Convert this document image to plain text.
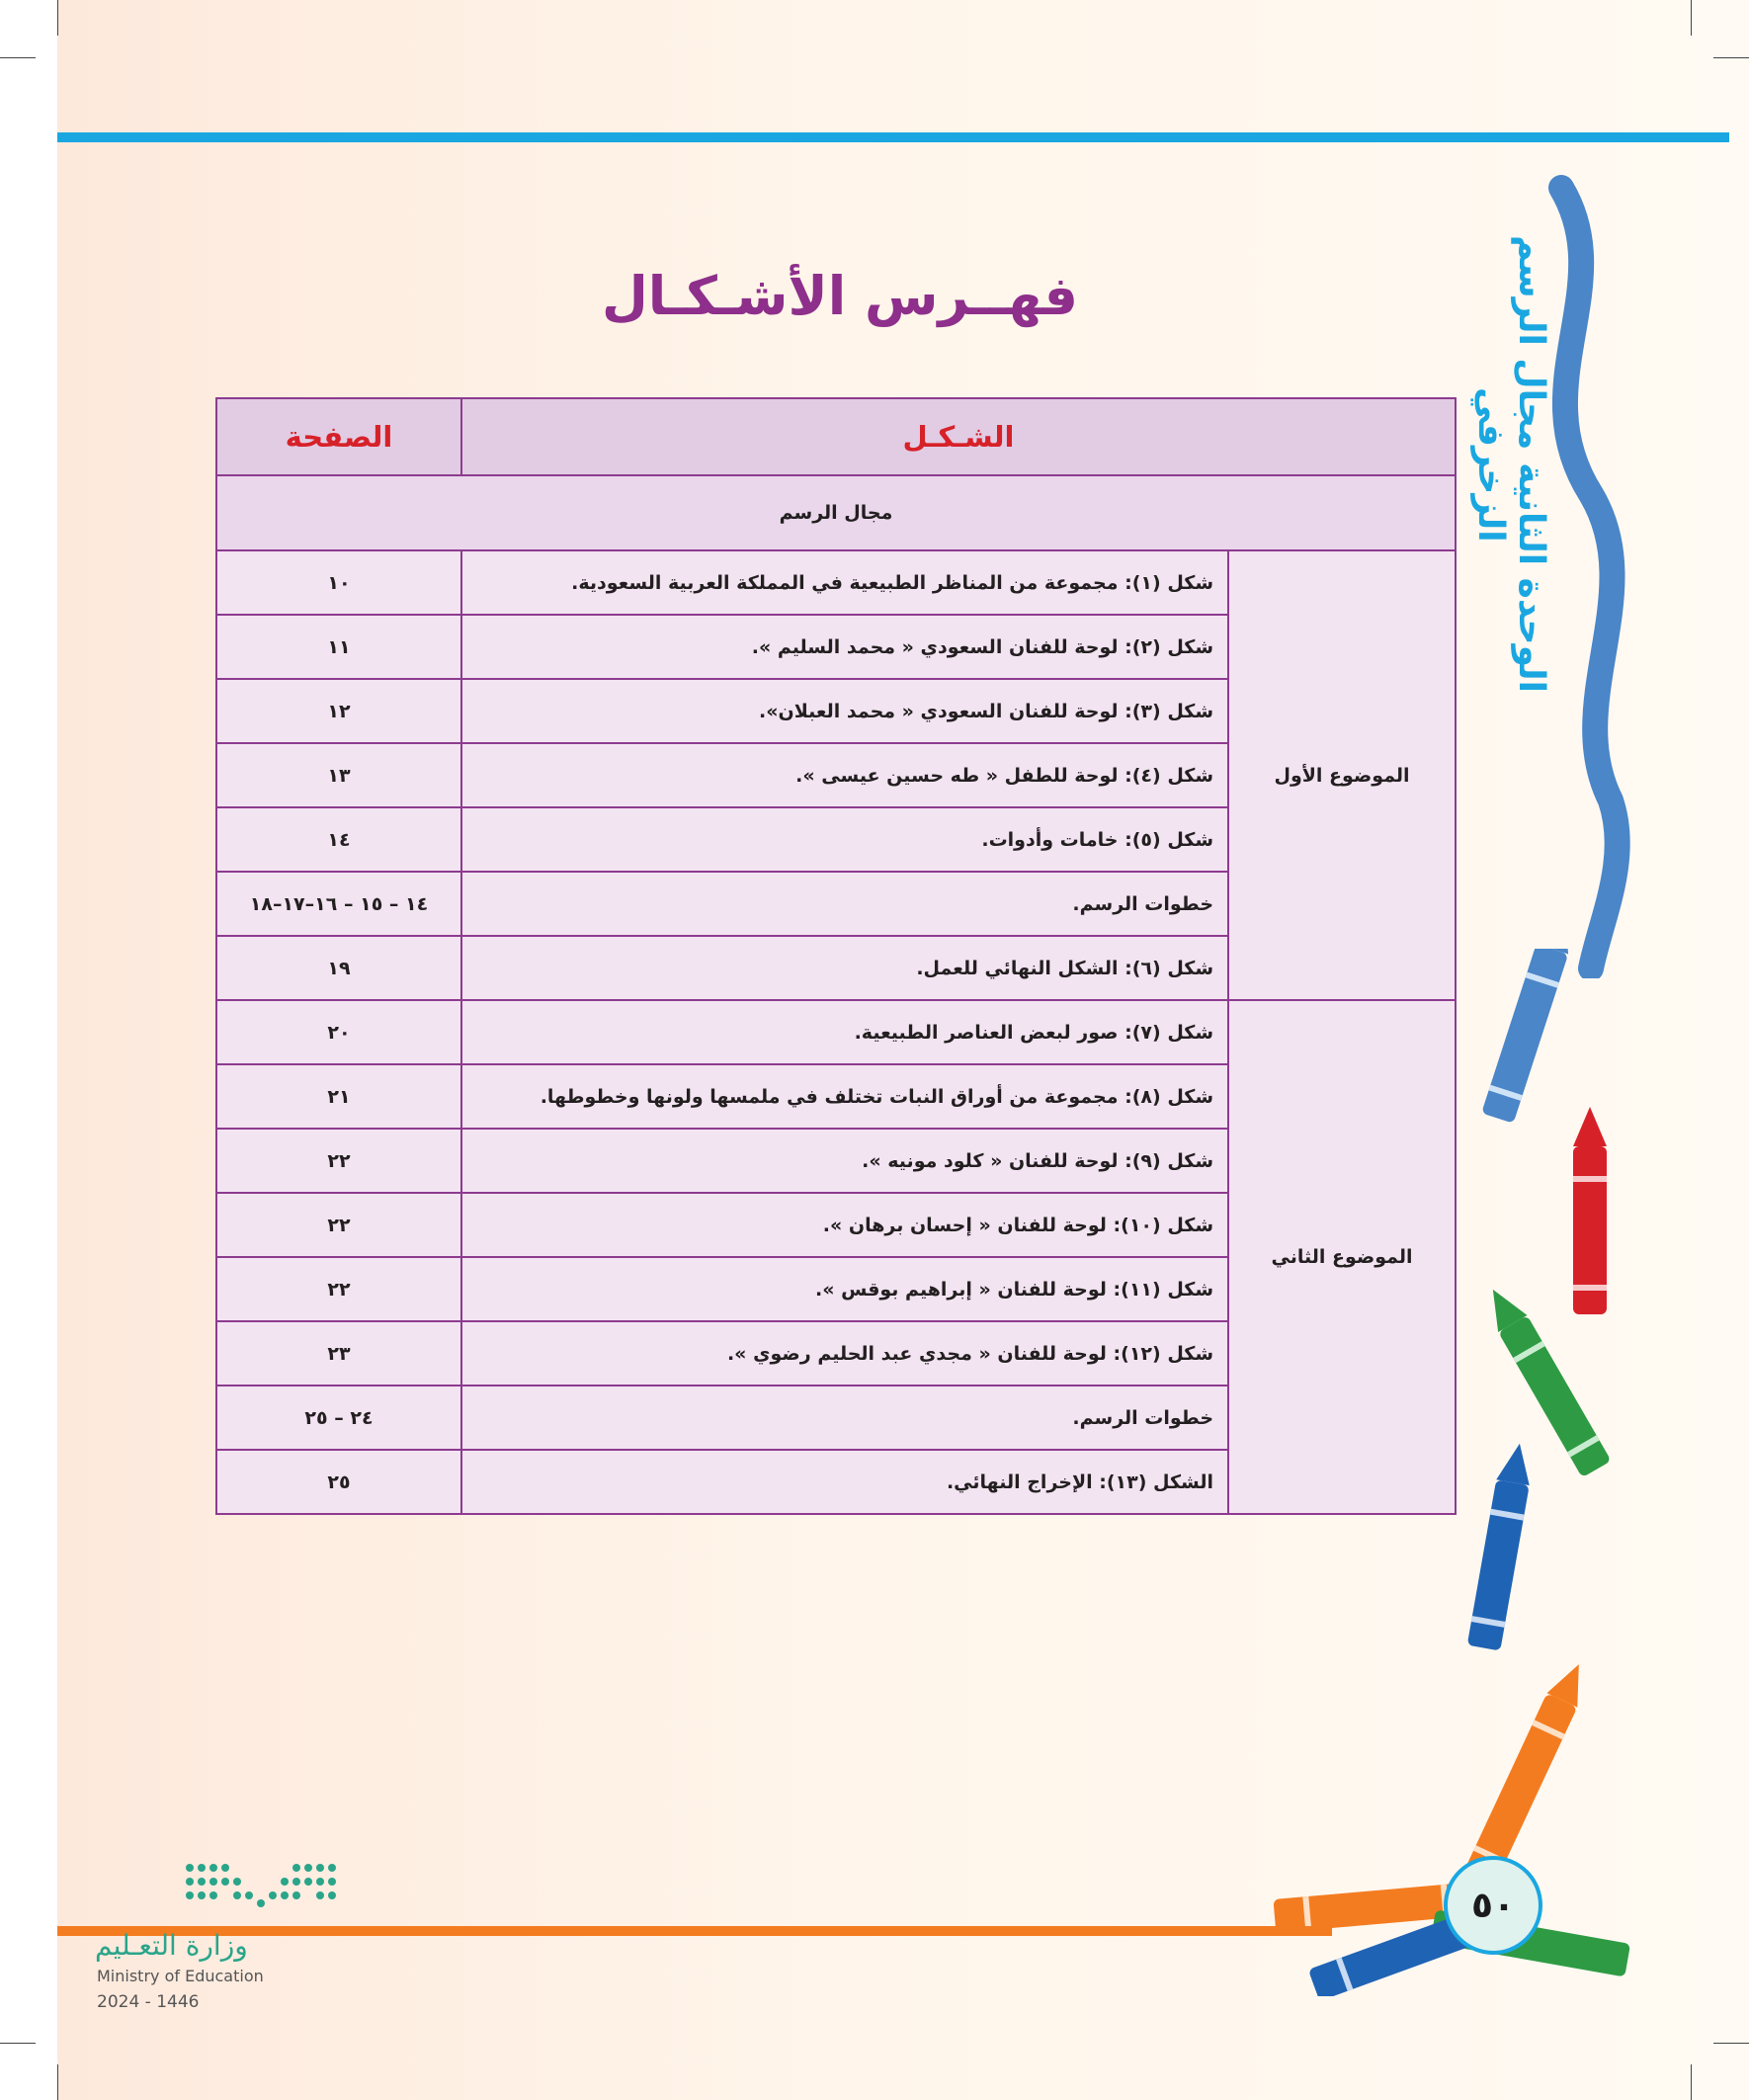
فهــرس الأشـكـال
الشـكـل		الصفحة
مجال الرسم		
الموضوع الأول	شكل (١): مجموعة من المناظر الطبيعية في المملكة العربية السعودية.	١٠
	شكل (٢): لوحة للفنان السعودي « محمد السليم ».	١١
	شكل (٣): لوحة للفنان السعودي « محمد العبلان».	١٢
	شكل (٤): لوحة للطفل « طه حسين عيسى ».	١٣
	شكل (٥): خامات وأدوات.	١٤
	خطوات الرسم.	١٤ – ١٥ – ١٦–١٧–١٨
	شكل (٦): الشكل النهائي للعمل.	١٩
الموضوع الثاني	شكل (٧): صور لبعض العناصر الطبيعية.	٢٠
	شكل (٨): مجموعة من أوراق النبات تختلف في ملمسها ولونها وخطوطها.	٢١
	شكل (٩): لوحة للفنان « كلود مونيه ».	٢٢
	شكل (١٠): لوحة للفنان « إحسان برهان ».	٢٢
	شكل (١١): لوحة للفنان « إبراهيم بوقس ».	٢٢
	شكل (١٢): لوحة للفنان « مجدي عبد الحليم رضوي ».	٢٣
	خطوات الرسم.	٢٤ – ٢٥
	الشكل (١٣): الإخراج النهائي.	٢٥
الوحدة الثانية مجال الرسم الزخرفي
٥٠
وزارة التعـليم
Ministry of Education
2024 - 1446
